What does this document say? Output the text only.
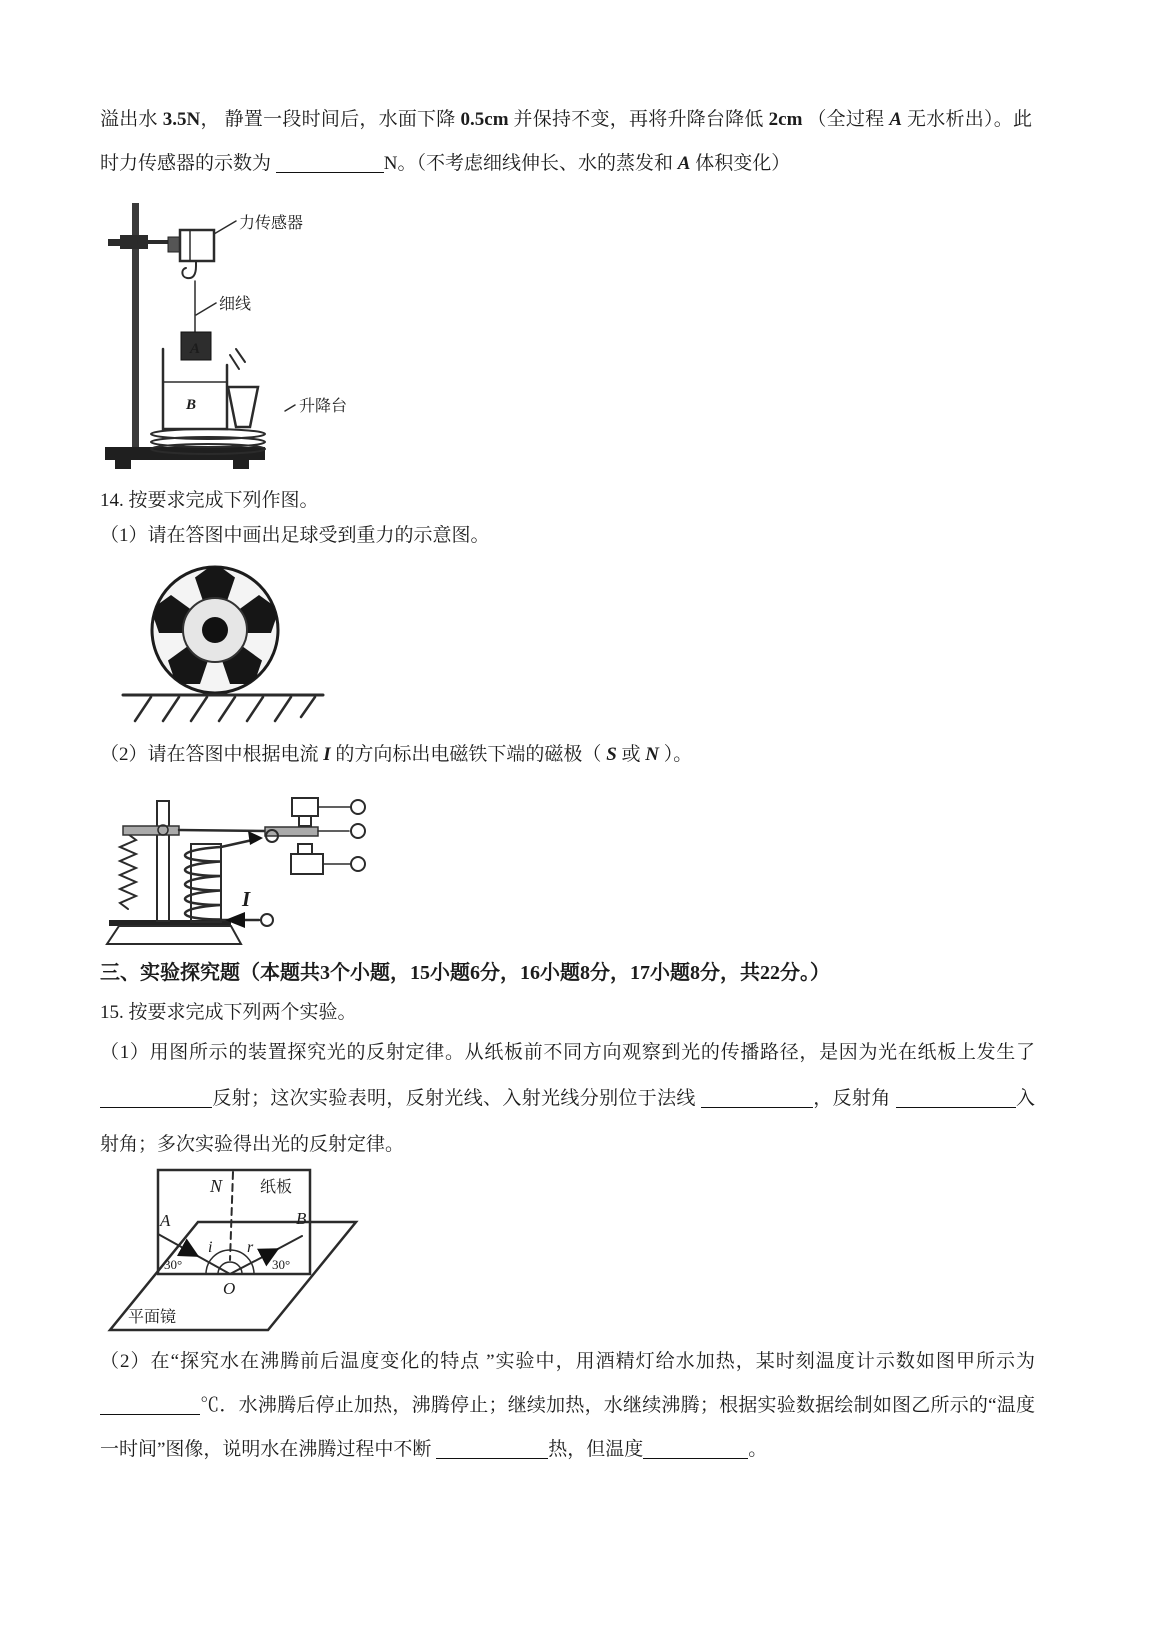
溢出水 3.5N， 静置一段时间后，水面下降 0.5cm 并保持不变，再将升降台降低 2cm （全过程 A 无水析出）。此时力传感器的示数为	N。（不考虑细线伸长、水的蒸发和 A 体积变化）
力传感器
细线
A
B	升降台
14. 按要求完成下列作图。
（1）请在答图中画出足球受到重力的示意图。
（2）请在答图中根据电流 I 的方向标出电磁铁下端的磁极（ S 或 N ）。
I
三、实验探究题（本题共3个小题，15小题6分，16小题8分，17小题8分，共22分。）
15. 按要求完成下列两个实验。
（1）用图所示的装置探究光的反射定律。从纸板前不同方向观察到光的传播路径，是因为光在纸板上发生了反射；这次实验表明，反射光线、入射光线分别位于法线	，反射角	入射角；多次实验得出光的反射定律。
N 纸板
A	B
i r
30°	30°
O
平面镜
（2）在“探究水在沸腾前后温度变化的特点 ”实验中，用酒精灯给水加热，某时刻温度计示数如图甲所示为℃．水沸腾后停止加热，沸腾停止；继续加热，水继续沸腾；根据实验数据绘制如图乙所示的“温度一时间”图像，说明水在沸腾过程中不断	热，但温度	。
